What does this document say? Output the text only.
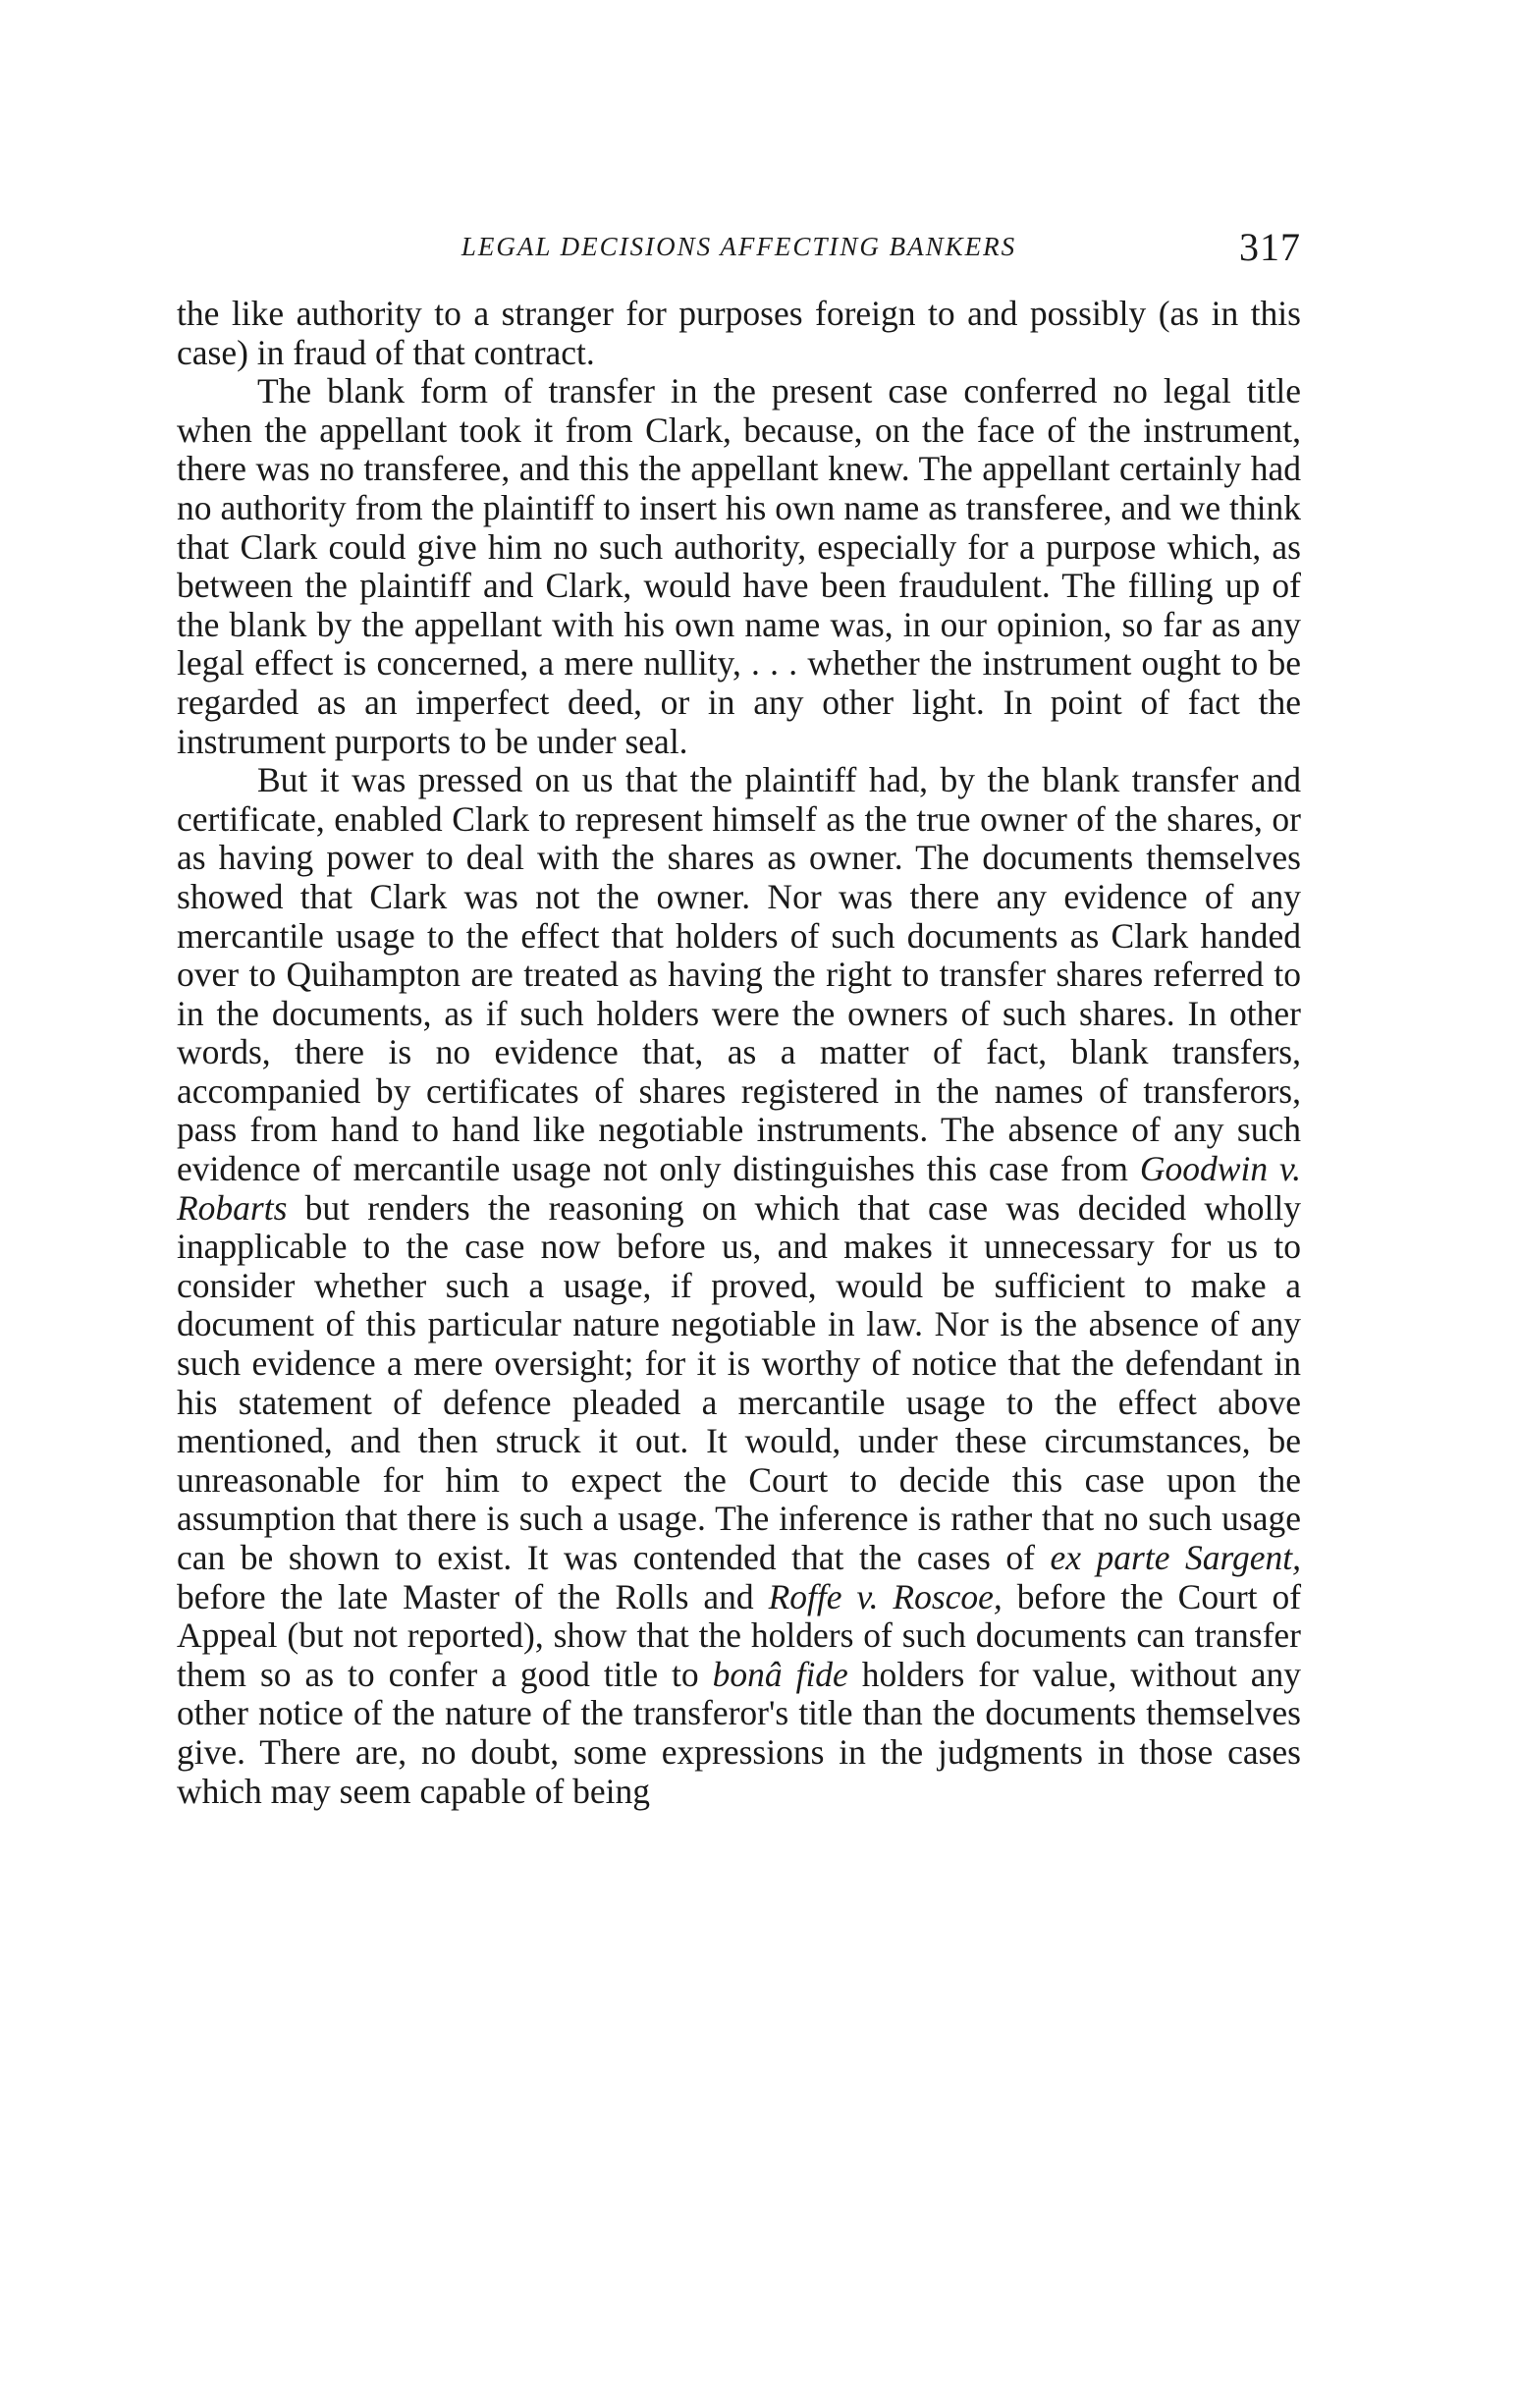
LEGAL DECISIONS AFFECTING BANKERS	317

the like authority to a stranger for purposes foreign to and possibly (as in this case) in fraud of that contract.

The blank form of transfer in the present case conferred no legal title when the appellant took it from Clark, because, on the face of the instrument, there was no transferee, and this the appellant knew. The appellant certainly had no authority from the plaintiff to insert his own name as transferee, and we think that Clark could give him no such authority, especially for a purpose which, as between the plaintiff and Clark, would have been fraudulent. The filling up of the blank by the appellant with his own name was, in our opinion, so far as any legal effect is concerned, a mere nullity, . . . whether the instrument ought to be regarded as an imperfect deed, or in any other light. In point of fact the instrument purports to be under seal.

But it was pressed on us that the plaintiff had, by the blank transfer and certificate, enabled Clark to represent himself as the true owner of the shares, or as having power to deal with the shares as owner. The documents themselves showed that Clark was not the owner. Nor was there any evidence of any mercantile usage to the effect that holders of such documents as Clark handed over to Quihampton are treated as having the right to transfer shares referred to in the documents, as if such holders were the owners of such shares. In other words, there is no evidence that, as a matter of fact, blank transfers, accompanied by certificates of shares registered in the names of transferors, pass from hand to hand like negotiable instruments. The absence of any such evidence of mercantile usage not only distinguishes this case from Goodwin v. Robarts but renders the reasoning on which that case was decided wholly inapplicable to the case now before us, and makes it unnecessary for us to consider whether such a usage, if proved, would be sufficient to make a document of this particular nature negotiable in law. Nor is the absence of any such evidence a mere oversight; for it is worthy of notice that the defendant in his statement of defence pleaded a mercantile usage to the effect above mentioned, and then struck it out. It would, under these circumstances, be unreasonable for him to expect the Court to decide this case upon the assumption that there is such a usage. The inference is rather that no such usage can be shown to exist. It was contended that the cases of ex parte Sargent, before the late Master of the Rolls and Roffe v. Roscoe, before the Court of Appeal (but not reported), show that the holders of such documents can transfer them so as to confer a good title to bonâ fide holders for value, without any other notice of the nature of the transferor's title than the documents themselves give. There are, no doubt, some expressions in the judgments in those cases which may seem capable of being
